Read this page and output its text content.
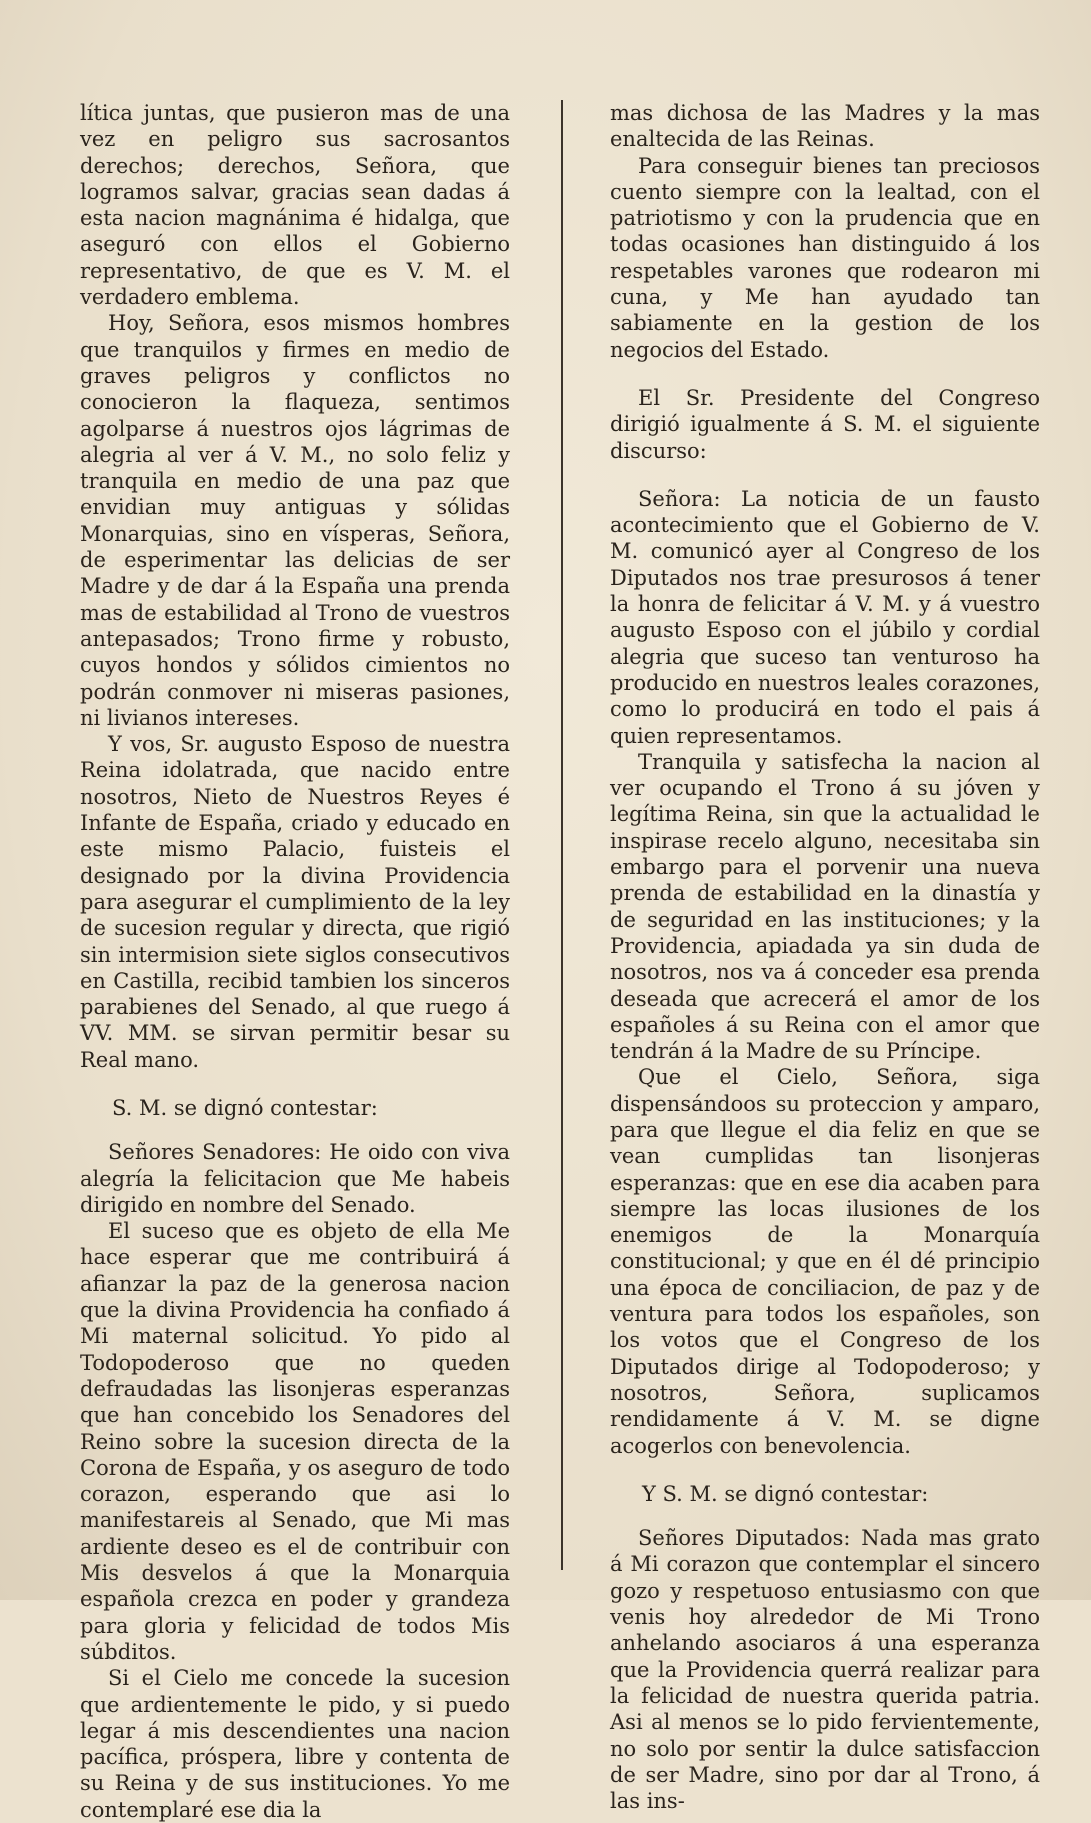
lítica juntas, que pusieron mas de una vez en peligro sus sacrosantos derechos; derechos, Señora, que logramos salvar, gracias sean dadas á esta nacion magnánima é hidalga, que aseguró con ellos el Gobierno representativo, de que es V. M. el verdadero emblema.

Hoy, Señora, esos mismos hombres que tranquilos y firmes en medio de graves peligros y conflictos no conocieron la flaqueza, sentimos agolparse á nuestros ojos lágrimas de alegria al ver á V. M., no solo feliz y tranquila en medio de una paz que envidian muy antiguas y sólidas Monarquias, sino en vísperas, Señora, de esperimentar las delicias de ser Madre y de dar á la España una prenda mas de estabilidad al Trono de vuestros antepasados; Trono firme y robusto, cuyos hondos y sólidos cimientos no podrán conmover ni miseras pasiones, ni livianos intereses.

Y vos, Sr. augusto Esposo de nuestra Reina idolatrada, que nacido entre nosotros, Nieto de Nuestros Reyes é Infante de España, criado y educado en este mismo Palacio, fuisteis el designado por la divina Providencia para asegurar el cumplimiento de la ley de sucesion regular y directa, que rigió sin intermision siete siglos consecutivos en Castilla, recibid tambien los sinceros parabienes del Senado, al que ruego á VV. MM. se sirvan permitir besar su Real mano.

S. M. se dignó contestar:

Señores Senadores: He oido con viva alegría la felicitacion que Me habeis dirigido en nombre del Senado.

El suceso que es objeto de ella Me hace esperar que me contribuirá á afianzar la paz de la generosa nacion que la divina Providencia ha confiado á Mi maternal solicitud. Yo pido al Todopoderoso que no queden defraudadas las lisonjeras esperanzas que han concebido los Senadores del Reino sobre la sucesion directa de la Corona de España, y os aseguro de todo corazon, esperando que asi lo manifestareis al Senado, que Mi mas ardiente deseo es el de contribuir con Mis desvelos á que la Monarquia española crezca en poder y grandeza para gloria y felicidad de todos Mis súbditos.

Si el Cielo me concede la sucesion que ardientemente le pido, y si puedo legar á mis descendientes una nacion pacífica, próspera, libre y contenta de su Reina y de sus instituciones. Yo me contemplaré ese dia la

mas dichosa de las Madres y la mas enaltecida de las Reinas.

Para conseguir bienes tan preciosos cuento siempre con la lealtad, con el patriotismo y con la prudencia que en todas ocasiones han distinguido á los respetables varones que rodearon mi cuna, y Me han ayudado tan sabiamente en la gestion de los negocios del Estado.

El Sr. Presidente del Congreso dirigió igualmente á S. M. el siguiente discurso:

Señora: La noticia de un fausto acontecimiento que el Gobierno de V. M. comunicó ayer al Congreso de los Diputados nos trae presurosos á tener la honra de felicitar á V. M. y á vuestro augusto Esposo con el júbilo y cordial alegria que suceso tan venturoso ha producido en nuestros leales corazones, como lo producirá en todo el pais á quien representamos.

Tranquila y satisfecha la nacion al ver ocupando el Trono á su jóven y legítima Reina, sin que la actualidad le inspirase recelo alguno, necesitaba sin embargo para el porvenir una nueva prenda de estabilidad en la dinastía y de seguridad en las instituciones; y la Providencia, apiadada ya sin duda de nosotros, nos va á conceder esa prenda deseada que acrecerá el amor de los españoles á su Reina con el amor que tendrán á la Madre de su Príncipe.

Que el Cielo, Señora, siga dispensándoos su proteccion y amparo, para que llegue el dia feliz en que se vean cumplidas tan lisonjeras esperanzas: que en ese dia acaben para siempre las locas ilusiones de los enemigos de la Monarquía constitucional; y que en él dé principio una época de conciliacion, de paz y de ventura para todos los españoles, son los votos que el Congreso de los Diputados dirige al Todopoderoso; y nosotros, Señora, suplicamos rendidamente á V. M. se digne acogerlos con benevolencia.

Y S. M. se dignó contestar:

Señores Diputados: Nada mas grato á Mi corazon que contemplar el sincero gozo y respetuoso entusiasmo con que venis hoy alrededor de Mi Trono anhelando asociaros á una esperanza que la Providencia querrá realizar para la felicidad de nuestra querida patria. Asi al menos se lo pido fervientemente, no solo por sentir la dulce satisfaccion de ser Madre, sino por dar al Trono, á las ins-
